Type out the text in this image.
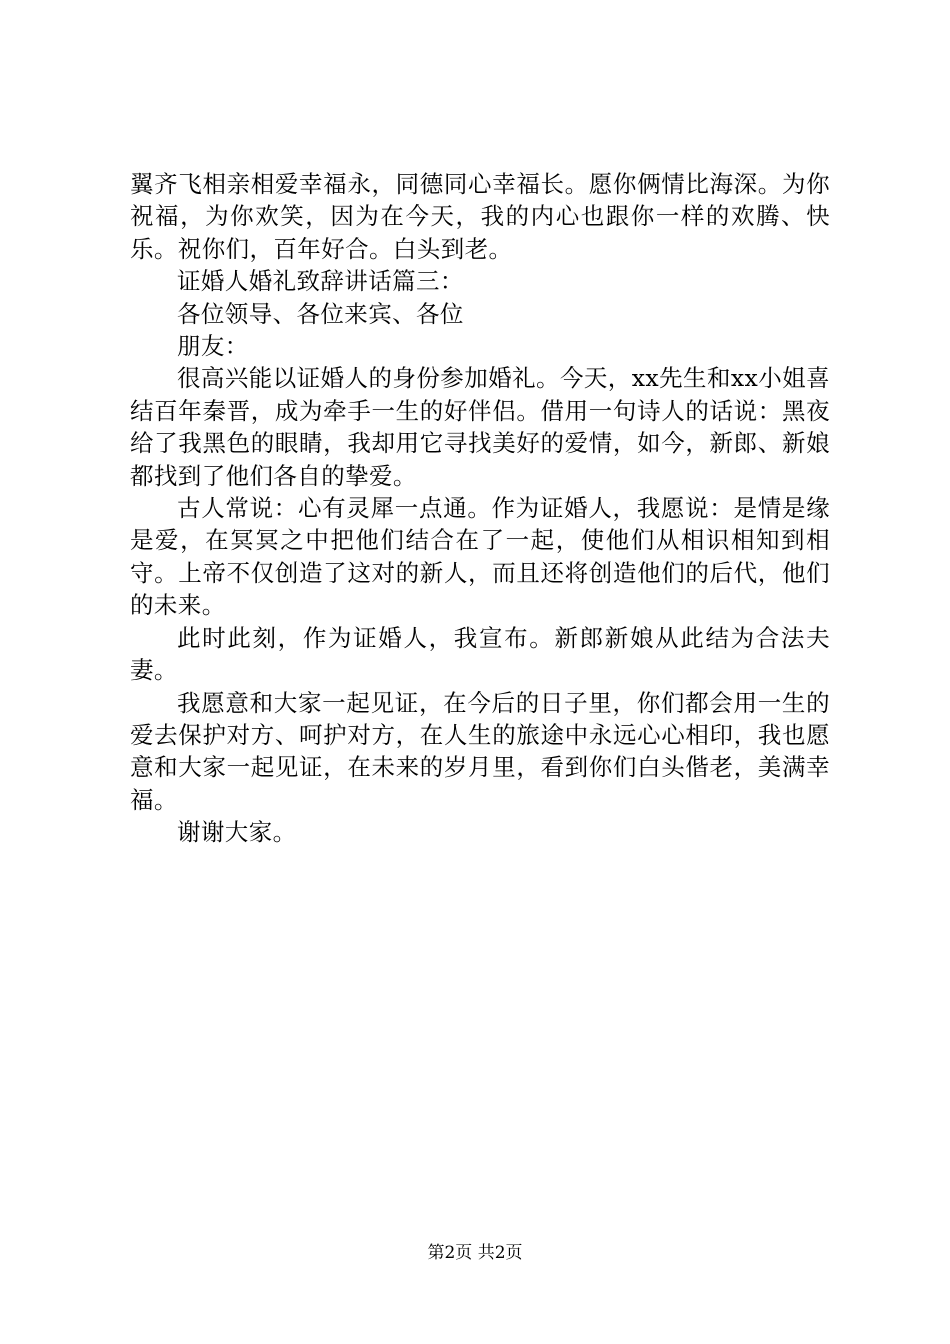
翼齐飞相亲相爱幸福永，同德同心幸福长。愿你俩情比海深。为你祝福，为你欢笑，因为在今天，我的内心也跟你一样的欢腾、快乐。祝你们，百年好合。白头到老。

证婚人婚礼致辞讲话篇三：

各位领导、各位来宾、各位

朋友：

很高兴能以证婚人的身份参加婚礼。今天，xx先生和xx小姐喜结百年秦晋，成为牵手一生的好伴侣。借用一句诗人的话说：黑夜给了我黑色的眼睛，我却用它寻找美好的爱情，如今，新郎、新娘都找到了他们各自的挚爱。

古人常说：心有灵犀一点通。作为证婚人，我愿说：是情是缘是爱，在冥冥之中把他们结合在了一起，使他们从相识相知到相守。上帝不仅创造了这对的新人，而且还将创造他们的后代，他们的未来。

此时此刻，作为证婚人，我宣布。新郎新娘从此结为合法夫妻。

我愿意和大家一起见证，在今后的日子里，你们都会用一生的爱去保护对方、呵护对方，在人生的旅途中永远心心相印，我也愿意和大家一起见证，在未来的岁月里，看到你们白头偕老，美满幸福。

谢谢大家。

第2页 共2页
